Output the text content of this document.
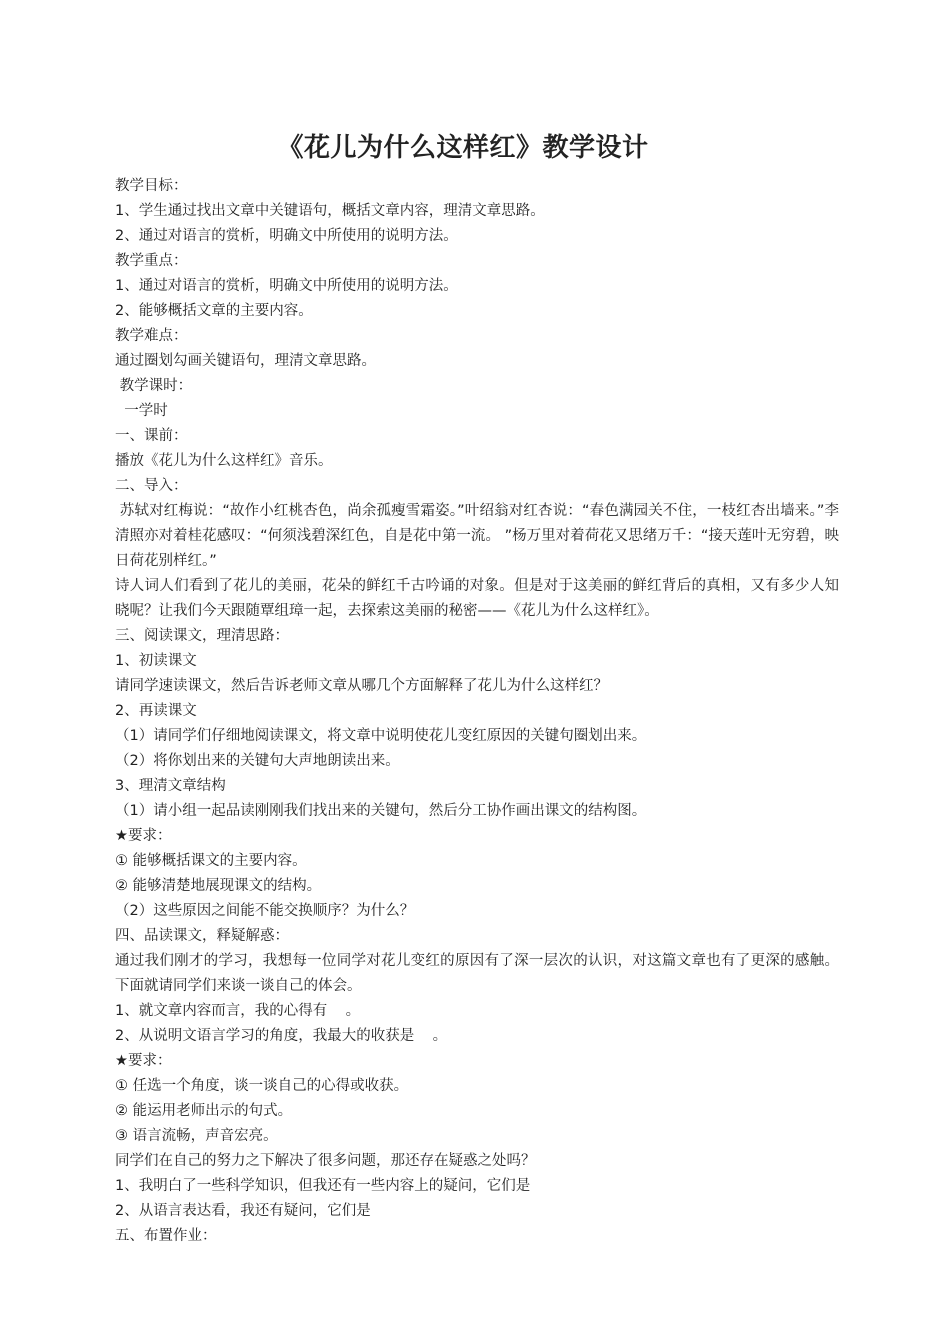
《花儿为什么这样红》教学设计
教学目标：
1、学生通过找出文章中关键语句，概括文章内容，理清文章思路。
2、通过对语言的赏析，明确文中所使用的说明方法。
教学重点：
1、通过对语言的赏析，明确文中所使用的说明方法。
2、能够概括文章的主要内容。
教学难点：
通过圈划勾画关键语句，理清文章思路。
教学课时：
一学时
一、课前：
播放《花儿为什么这样红》音乐。
二、导入：
苏轼对红梅说：“故作小红桃杏色，尚余孤瘦雪霜姿。”叶绍翁对红杏说：“春色满园关不住，一枝红杏出墙来。”李清照亦对着桂花感叹：“何须浅碧深红色，自是花中第一流。 ”杨万里对着荷花又思绪万千：“接天莲叶无穷碧，映日荷花别样红。”
诗人词人们看到了花儿的美丽，花朵的鲜红千古吟诵的对象。但是对于这美丽的鲜红背后的真相，又有多少人知晓呢？让我们今天跟随覃组璋一起，去探索这美丽的秘密——《花儿为什么这样红》。
三、阅读课文，理清思路：
1、初读课文
请同学速读课文，然后告诉老师文章从哪几个方面解释了花儿为什么这样红？
2、再读课文
（1）请同学们仔细地阅读课文，将文章中说明使花儿变红原因的关键句圈划出来。
（2）将你划出来的关键句大声地朗读出来。
3、理清文章结构
（1）请小组一起品读刚刚我们找出来的关键句，然后分工协作画出课文的结构图。
★要求：
① 能够概括课文的主要内容。
② 能够清楚地展现课文的结构。
（2）这些原因之间能不能交换顺序？为什么？
四、品读课文，释疑解惑：
通过我们刚才的学习，我想每一位同学对花儿变红的原因有了深一层次的认识，对这篇文章也有了更深的感触。下面就请同学们来谈一谈自己的体会。
1、就文章内容而言，我的心得有    。
2、从说明文语言学习的角度，我最大的收获是    。
★要求：
① 任选一个角度，谈一谈自己的心得或收获。
② 能运用老师出示的句式。
③ 语言流畅，声音宏亮。
同学们在自己的努力之下解决了很多问题，那还存在疑惑之处吗？
1、我明白了一些科学知识，但我还有一些内容上的疑问，它们是
2、从语言表达看，我还有疑问，它们是
五、布置作业：
